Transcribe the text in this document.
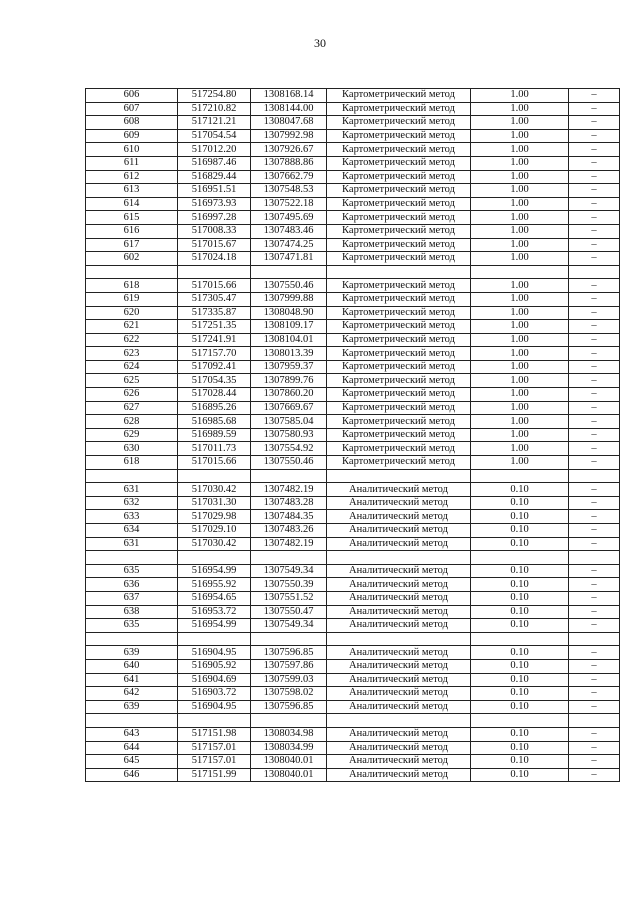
30
606	517254.80	1308168.14	Картометрический метод	1.00	–
607	517210.82	1308144.00	Картометрический метод	1.00	–
608	517121.21	1308047.68	Картометрический метод	1.00	–
609	517054.54	1307992.98	Картометрический метод	1.00	–
610	517012.20	1307926.67	Картометрический метод	1.00	–
611	516987.46	1307888.86	Картометрический метод	1.00	–
612	516829.44	1307662.79	Картометрический метод	1.00	–
613	516951.51	1307548.53	Картометрический метод	1.00	–
614	516973.93	1307522.18	Картометрический метод	1.00	–
615	516997.28	1307495.69	Картометрический метод	1.00	–
616	517008.33	1307483.46	Картометрический метод	1.00	–
617	517015.67	1307474.25	Картометрический метод	1.00	–
602	517024.18	1307471.81	Картометрический метод	1.00	–

618	517015.66	1307550.46	Картометрический метод	1.00	–
619	517305.47	1307999.88	Картометрический метод	1.00	–
620	517335.87	1308048.90	Картометрический метод	1.00	–
621	517251.35	1308109.17	Картометрический метод	1.00	–
622	517241.91	1308104.01	Картометрический метод	1.00	–
623	517157.70	1308013.39	Картометрический метод	1.00	–
624	517092.41	1307959.37	Картометрический метод	1.00	–
625	517054.35	1307899.76	Картометрический метод	1.00	–
626	517028.44	1307860.20	Картометрический метод	1.00	–
627	516895.26	1307669.67	Картометрический метод	1.00	–
628	516985.68	1307585.04	Картометрический метод	1.00	–
629	516989.59	1307580.93	Картометрический метод	1.00	–
630	517011.73	1307554.92	Картометрический метод	1.00	–
618	517015.66	1307550.46	Картометрический метод	1.00	–

631	517030.42	1307482.19	Аналитический метод	0.10	–
632	517031.30	1307483.28	Аналитический метод	0.10	–
633	517029.98	1307484.35	Аналитический метод	0.10	–
634	517029.10	1307483.26	Аналитический метод	0.10	–
631	517030.42	1307482.19	Аналитический метод	0.10	–

635	516954.99	1307549.34	Аналитический метод	0.10	–
636	516955.92	1307550.39	Аналитический метод	0.10	–
637	516954.65	1307551.52	Аналитический метод	0.10	–
638	516953.72	1307550.47	Аналитический метод	0.10	–
635	516954.99	1307549.34	Аналитический метод	0.10	–

639	516904.95	1307596.85	Аналитический метод	0.10	–
640	516905.92	1307597.86	Аналитический метод	0.10	–
641	516904.69	1307599.03	Аналитический метод	0.10	–
642	516903.72	1307598.02	Аналитический метод	0.10	–
639	516904.95	1307596.85	Аналитический метод	0.10	–

643	517151.98	1308034.98	Аналитический метод	0.10	–
644	517157.01	1308034.99	Аналитический метод	0.10	–
645	517157.01	1308040.01	Аналитический метод	0.10	–
646	517151.99	1308040.01	Аналитический метод	0.10	–
